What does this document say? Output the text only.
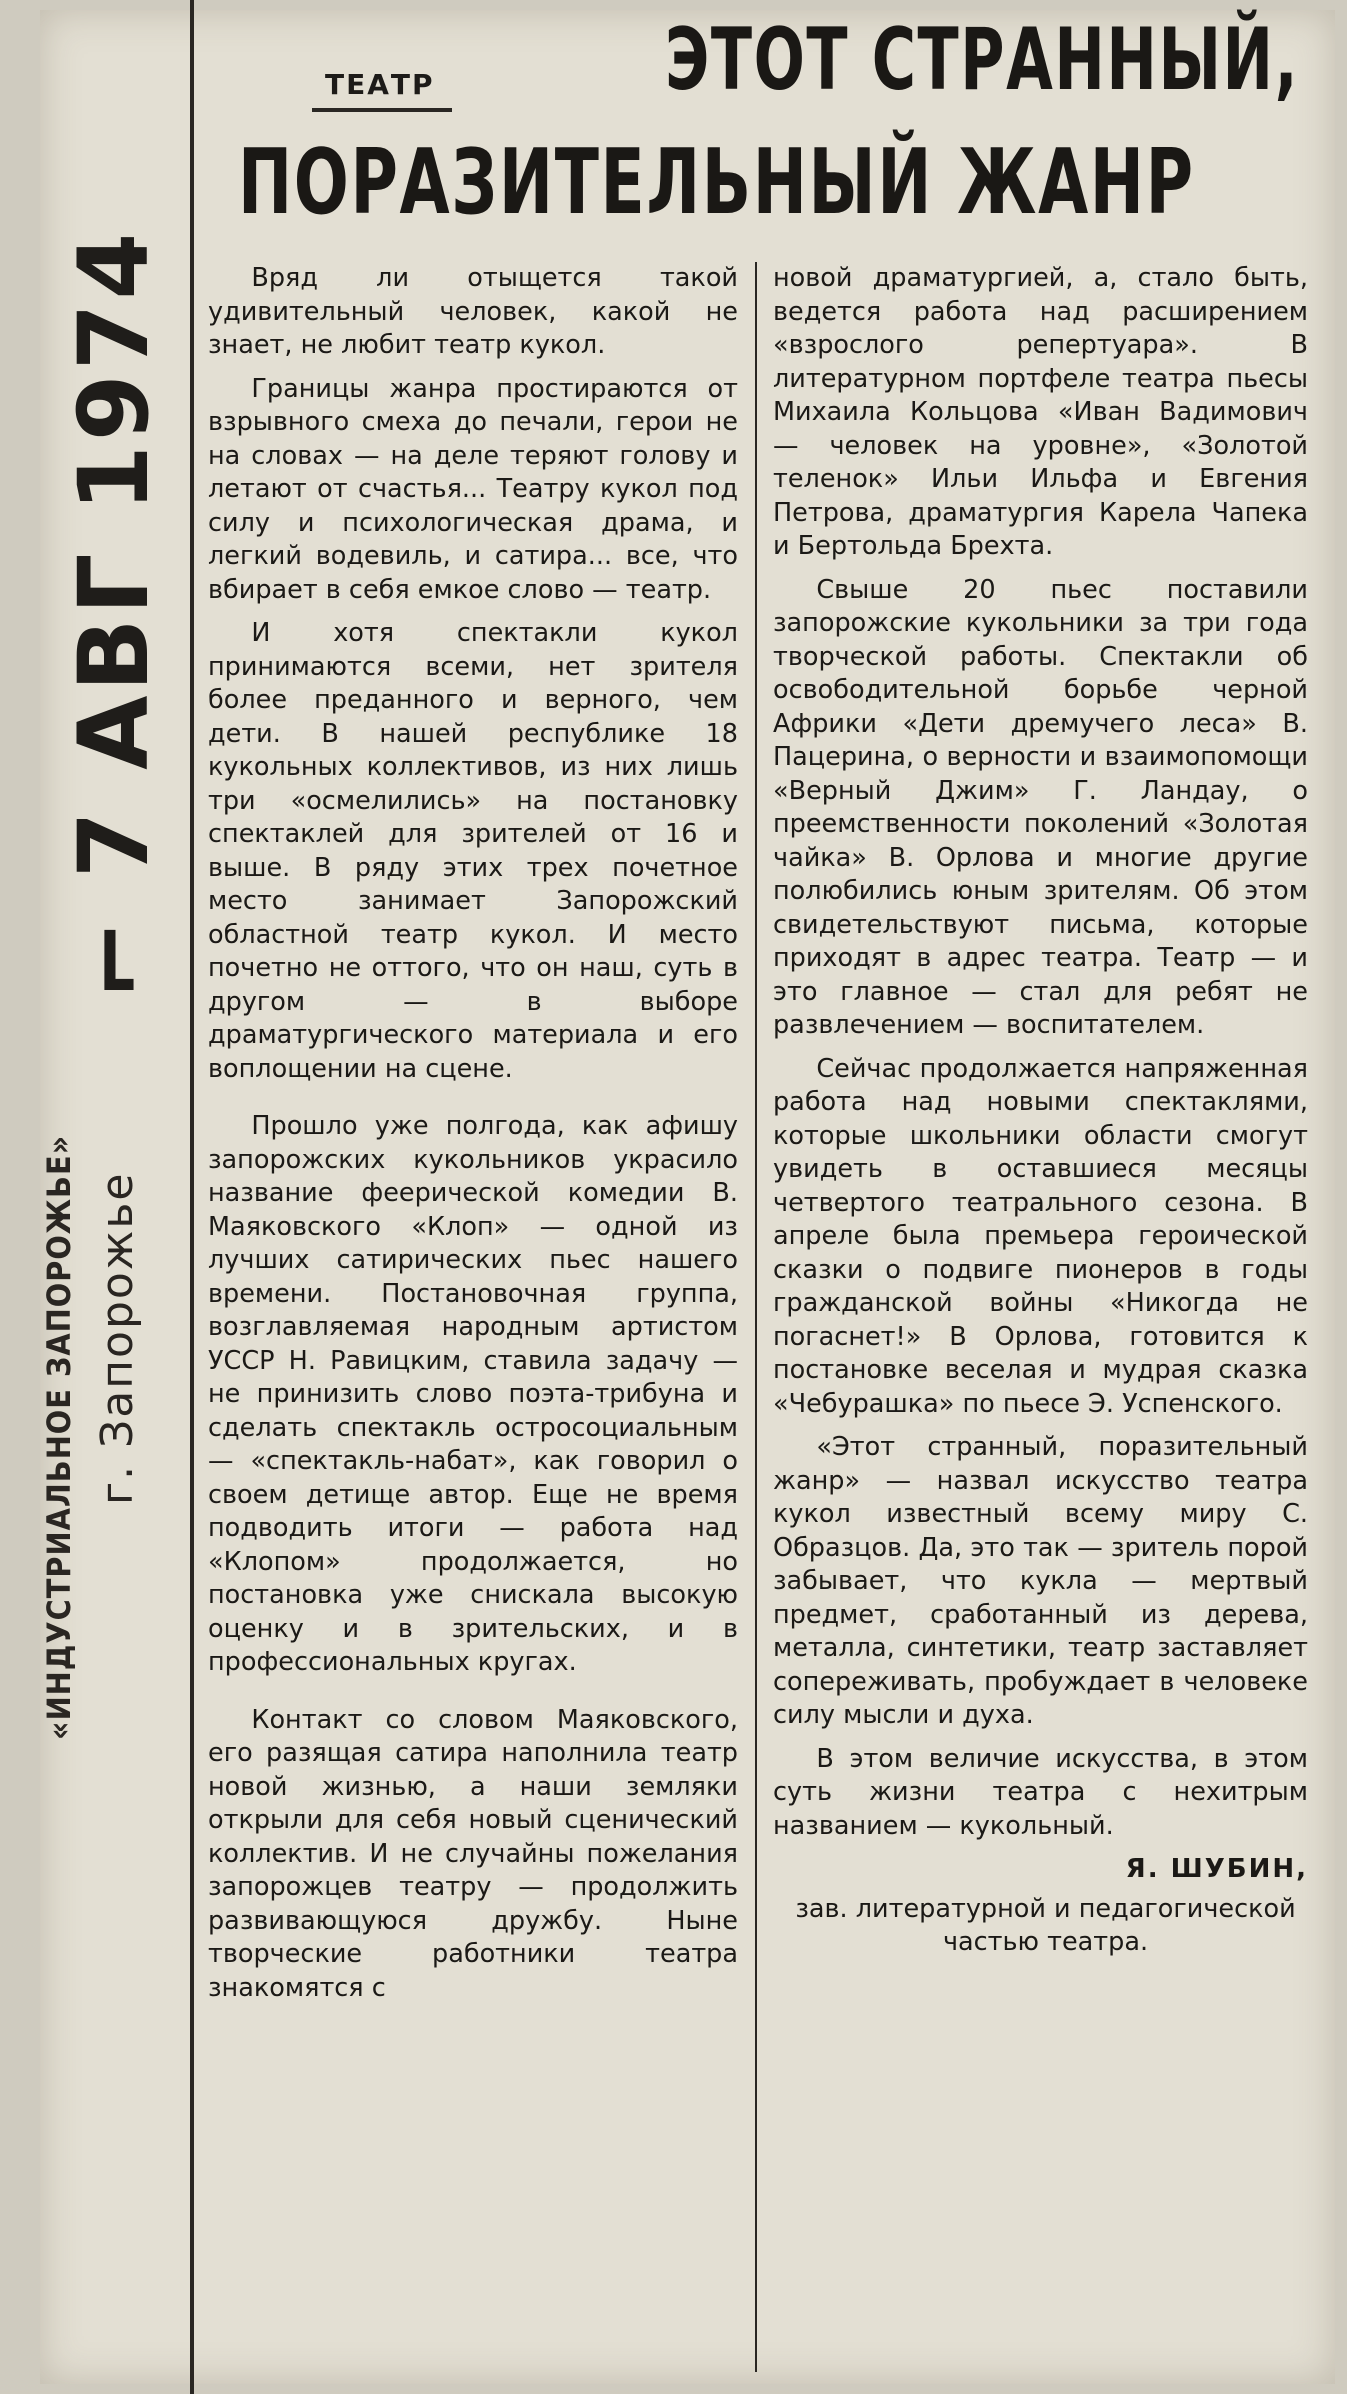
ТЕАТР	ЭТОТ СТРАННЫЙ,
ПОРАЗИТЕЛЬНЫЙ ЖАНР
⌐ 7 АВГ 1974
«ИНДУСТРИАЛЬНОЕ ЗАПОРОЖЬЕ» г. Запорожье

Вряд ли отыщется такой удивительный человек, какой не знает, не любит театр кукол.

Границы жанра простираются от взрывного смеха до печали, герои не на словах — на деле теряют голову и летают от счастья... Театру кукол под силу и психологическая драма, и легкий водевиль, и сатира... все, что вбирает в себя емкое слово — театр.

И хотя спектакли кукол принимаются всеми, нет зрителя более преданного и верного, чем дети. В нашей республике 18 кукольных коллективов, из них лишь три «осмелились» на постановку спектаклей для зрителей от 16 и выше. В ряду этих трех почетное место занимает Запорожский областной театр кукол. И место почетно не оттого, что он наш, суть в другом — в выборе драматургического материала и его воплощении на сцене.

Прошло уже полгода, как афишу запорожских кукольников украсило название феерической комедии В. Маяковского «Клоп» — одной из лучших сатирических пьес нашего времени. Постановочная группа, возглавляемая народным артистом УССР Н. Равицким, ставила задачу — не принизить слово поэта-трибуна и сделать спектакль остросоциальным — «спектакль-набат», как говорил о своем детище автор. Еще не время подводить итоги — работа над «Клопом» продолжается, но постановка уже снискала высокую оценку и в зрительских, и в профессиональных кругах.

Контакт со словом Маяковского, его разящая сатира наполнила театр новой жизнью, а наши земляки открыли для себя новый сценический коллектив. И не случайны пожелания запорожцев театру — продолжить развивающуюся дружбу. Ныне творческие работники театра знакомятся с

новой драматургией, а, стало быть, ведется работа над расширением «взрослого репертуара». В литературном портфеле театра пьесы Михаила Кольцова «Иван Вадимович — человек на уровне», «Золотой теленок» Ильи Ильфа и Евгения Петрова, драматургия Карела Чапека и Бертольда Брехта.

Свыше 20 пьес поставили запорожские кукольники за три года творческой работы. Спектакли об освободительной борьбе черной Африки «Дети дремучего леса» В. Пацерина, о верности и взаимопомощи «Верный Джим» Г. Ландау, о преемственности поколений «Золотая чайка» В. Орлова и многие другие полюбились юным зрителям. Об этом свидетельствуют письма, которые приходят в адрес театра. Театр — и это главное — стал для ребят не развлечением — воспитателем.

Сейчас продолжается напряженная работа над новыми спектаклями, которые школьники области смогут увидеть в оставшиеся месяцы четвертого театрального сезона. В апреле была премьера героической сказки о подвиге пионеров в годы гражданской войны «Никогда не погаснет!» В Орлова, готовится к постановке веселая и мудрая сказка «Чебурашка» по пьесе Э. Успенского.

«Этот странный, поразительный жанр» — назвал искусство театра кукол известный всему миру С. Образцов. Да, это так — зритель порой забывает, что кукла — мертвый предмет, сработанный из дерева, металла, синтетики, театр заставляет сопереживать, пробуждает в человеке силу мысли и духа.

В этом величие искусства, в этом суть жизни театра с нехитрым названием — кукольный.

Я. ШУБИН,
зав. литературной и педагогической частью театра.
